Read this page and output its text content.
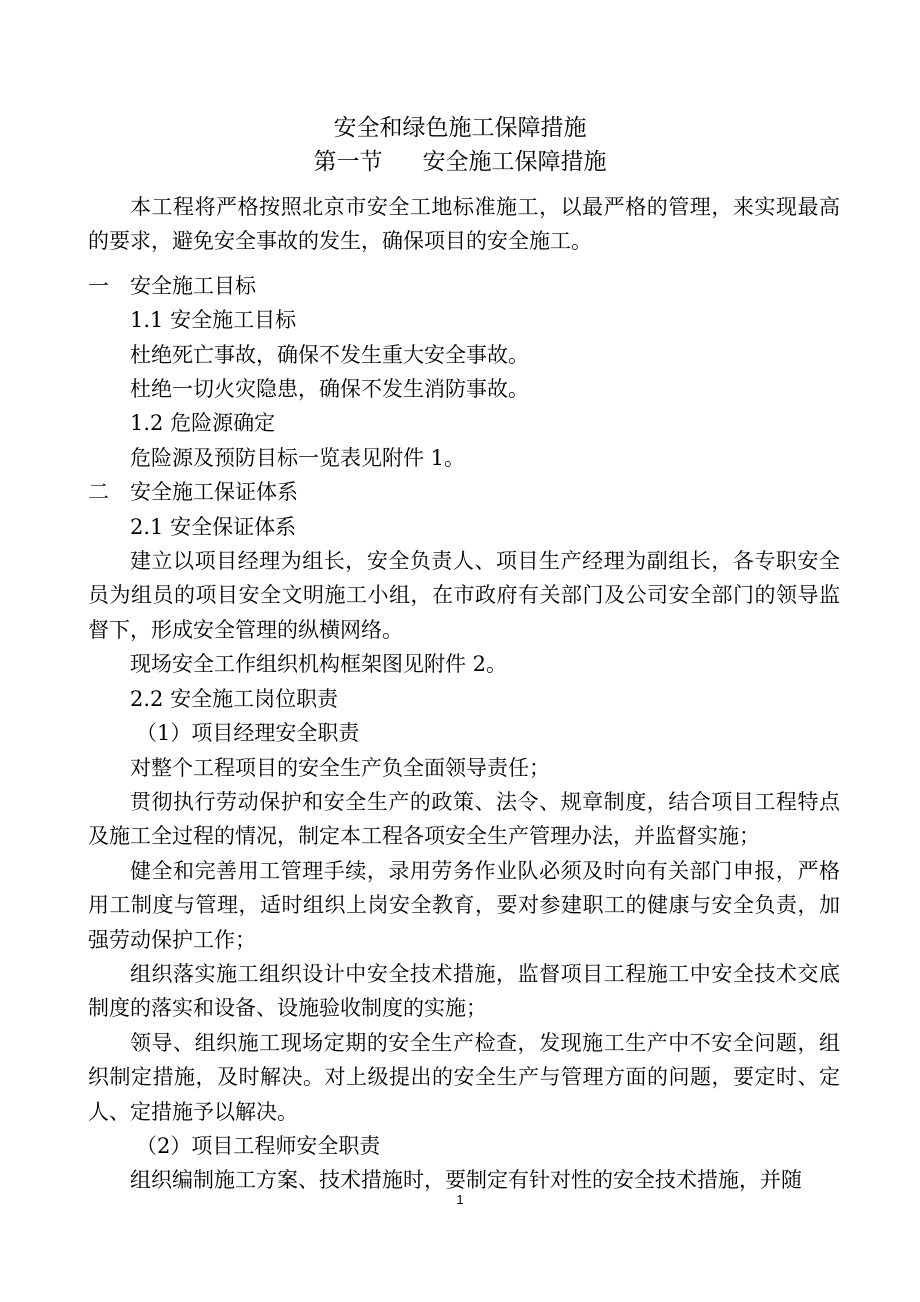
安全和绿色施工保障措施
第一节 安全施工保障措施

本工程将严格按照北京市安全工地标准施工，以最严格的管理，来实现最高的要求，避免安全事故的发生，确保项目的安全施工。

一 安全施工目标

1.1 安全施工目标

杜绝死亡事故，确保不发生重大安全事故。

杜绝一切火灾隐患，确保不发生消防事故。

1.2 危险源确定

危险源及预防目标一览表见附件 1。

二 安全施工保证体系

2.1 安全保证体系

建立以项目经理为组长，安全负责人、项目生产经理为副组长，各专职安全员为组员的项目安全文明施工小组，在市政府有关部门及公司安全部门的领导监督下，形成安全管理的纵横网络。

现场安全工作组织机构框架图见附件 2。

2.2 安全施工岗位职责

（1）项目经理安全职责

对整个工程项目的安全生产负全面领导责任；

贯彻执行劳动保护和安全生产的政策、法令、规章制度，结合项目工程特点及施工全过程的情况，制定本工程各项安全生产管理办法，并监督实施；

健全和完善用工管理手续，录用劳务作业队必须及时向有关部门申报，严格用工制度与管理，适时组织上岗安全教育，要对参建职工的健康与安全负责，加强劳动保护工作；

组织落实施工组织设计中安全技术措施，监督项目工程施工中安全技术交底制度的落实和设备、设施验收制度的实施；

领导、组织施工现场定期的安全生产检查，发现施工生产中不安全问题，组织制定措施，及时解决。对上级提出的安全生产与管理方面的问题，要定时、定人、定措施予以解决。

（2）项目工程师安全职责

组织编制施工方案、技术措施时，要制定有针对性的安全技术措施，并随

1
